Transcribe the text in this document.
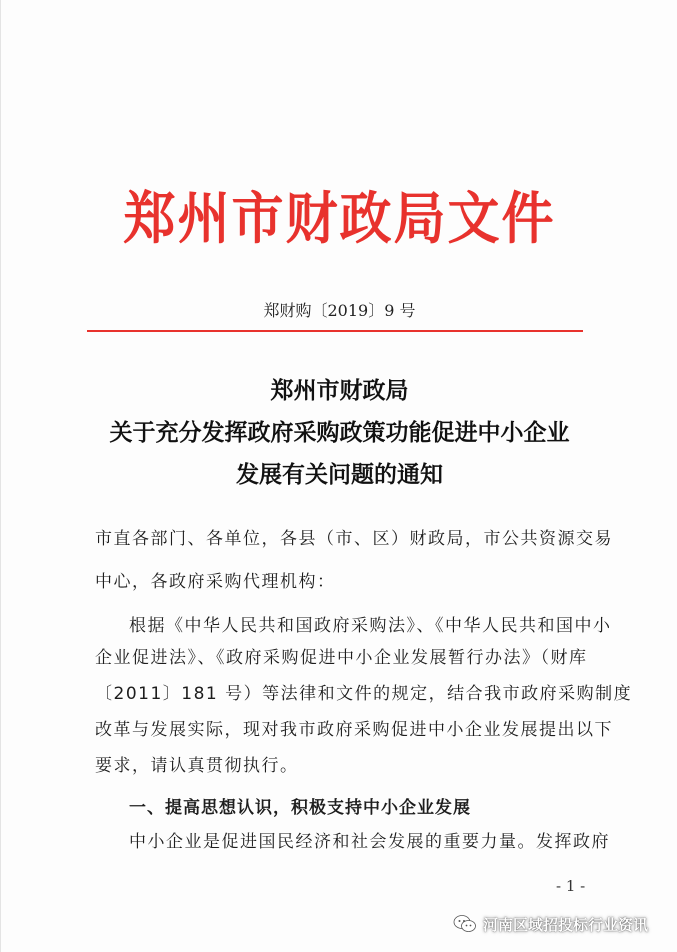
郑州市财政局文件
郑财购〔2019〕9 号
郑州市财政局
关于充分发挥政府采购政策功能促进中小企业
发展有关问题的通知
市直各部门、各单位，各县（市、区）财政局，市公共资源交易
中心，各政府采购代理机构：
根据《中华人民共和国政府采购法》、《中华人民共和国中小
企业促进法》、《政府采购促进中小企业发展暂行办法》（财库
〔2011〕181 号）等法律和文件的规定，结合我市政府采购制度
改革与发展实际，现对我市政府采购促进中小企业发展提出以下
要求，请认真贯彻执行。
一、提高思想认识，积极支持中小企业发展
中小企业是促进国民经济和社会发展的重要力量。发挥政府
- 1 -
河南区域招投标行业资讯
